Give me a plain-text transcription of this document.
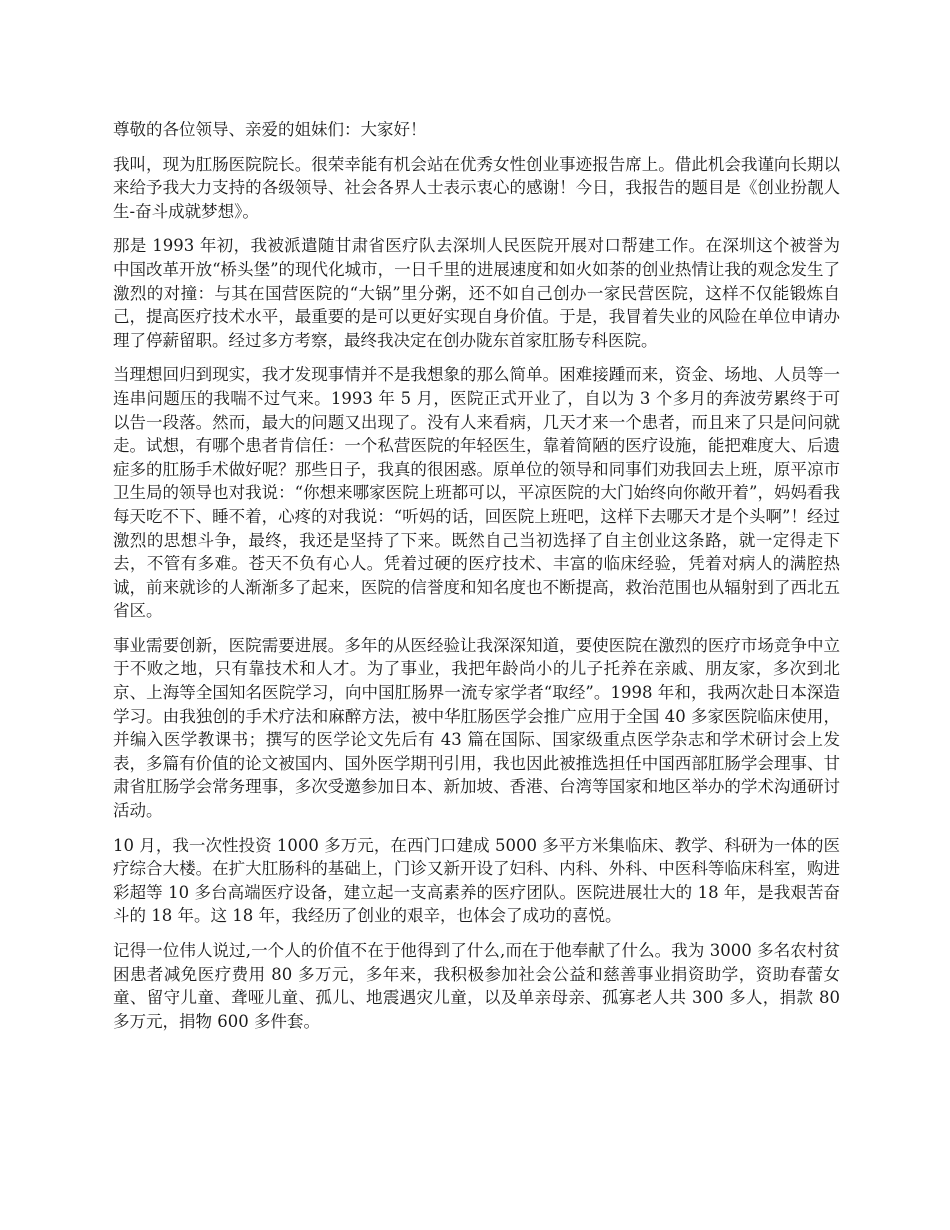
尊敬的各位领导、亲爱的姐妹们：大家好！

我叫，现为肛肠医院院长。很荣幸能有机会站在优秀女性创业事迹报告席上。借此机会我谨向长期以来给予我大力支持的各级领导、社会各界人士表示衷心的感谢！今日，我报告的题目是《创业扮靓人生-奋斗成就梦想》。

那是 1993 年初，我被派遣随甘肃省医疗队去深圳人民医院开展对口帮建工作。在深圳这个被誉为中国改革开放“桥头堡”的现代化城市，一日千里的进展速度和如火如荼的创业热情让我的观念发生了激烈的对撞：与其在国营医院的“大锅”里分粥，还不如自己创办一家民营医院，这样不仅能锻炼自己，提高医疗技术水平，最重要的是可以更好实现自身价值。于是，我冒着失业的风险在单位申请办理了停薪留职。经过多方考察，最终我决定在创办陇东首家肛肠专科医院。

当理想回归到现实，我才发现事情并不是我想象的那么简单。困难接踵而来，资金、场地、人员等一连串问题压的我喘不过气来。1993 年 5 月，医院正式开业了，自以为 3 个多月的奔波劳累终于可以告一段落。然而，最大的问题又出现了。没有人来看病，几天才来一个患者，而且来了只是问问就走。试想，有哪个患者肯信任：一个私营医院的年轻医生，靠着简陋的医疗设施，能把难度大、后遗症多的肛肠手术做好呢？那些日子，我真的很困惑。原单位的领导和同事们劝我回去上班，原平凉市卫生局的领导也对我说：“你想来哪家医院上班都可以，平凉医院的大门始终向你敞开着”，妈妈看我每天吃不下、睡不着，心疼的对我说：“听妈的话，回医院上班吧，这样下去哪天才是个头啊”！经过激烈的思想斗争，最终，我还是坚持了下来。既然自己当初选择了自主创业这条路，就一定得走下去，不管有多难。苍天不负有心人。凭着过硬的医疗技术、丰富的临床经验，凭着对病人的满腔热诚，前来就诊的人渐渐多了起来，医院的信誉度和知名度也不断提高，救治范围也从辐射到了西北五省区。

事业需要创新，医院需要进展。多年的从医经验让我深深知道，要使医院在激烈的医疗市场竞争中立于不败之地，只有靠技术和人才。为了事业，我把年龄尚小的儿子托养在亲戚、朋友家，多次到北京、上海等全国知名医院学习，向中国肛肠界一流专家学者“取经”。1998 年和，我两次赴日本深造学习。由我独创的手术疗法和麻醉方法，被中华肛肠医学会推广应用于全国 40 多家医院临床使用，并编入医学教课书；撰写的医学论文先后有 43 篇在国际、国家级重点医学杂志和学术研讨会上发表，多篇有价值的论文被国内、国外医学期刊引用，我也因此被推选担任中国西部肛肠学会理事、甘肃省肛肠学会常务理事，多次受邀参加日本、新加坡、香港、台湾等国家和地区举办的学术沟通研讨活动。

10 月，我一次性投资 1000 多万元，在西门口建成 5000 多平方米集临床、教学、科研为一体的医疗综合大楼。在扩大肛肠科的基础上，门诊又新开设了妇科、内科、外科、中医科等临床科室，购进彩超等 10 多台高端医疗设备，建立起一支高素养的医疗团队。医院进展壮大的 18 年，是我艰苦奋斗的 18 年。这 18 年，我经历了创业的艰辛，也体会了成功的喜悦。

记得一位伟人说过,一个人的价值不在于他得到了什么,而在于他奉献了什么。我为 3000 多名农村贫困患者减免医疗费用 80 多万元，多年来，我积极参加社会公益和慈善事业捐资助学，资助春蕾女童、留守儿童、聋哑儿童、孤儿、地震遇灾儿童，以及单亲母亲、孤寡老人共 300 多人，捐款 80 多万元，捐物 600 多件套。
